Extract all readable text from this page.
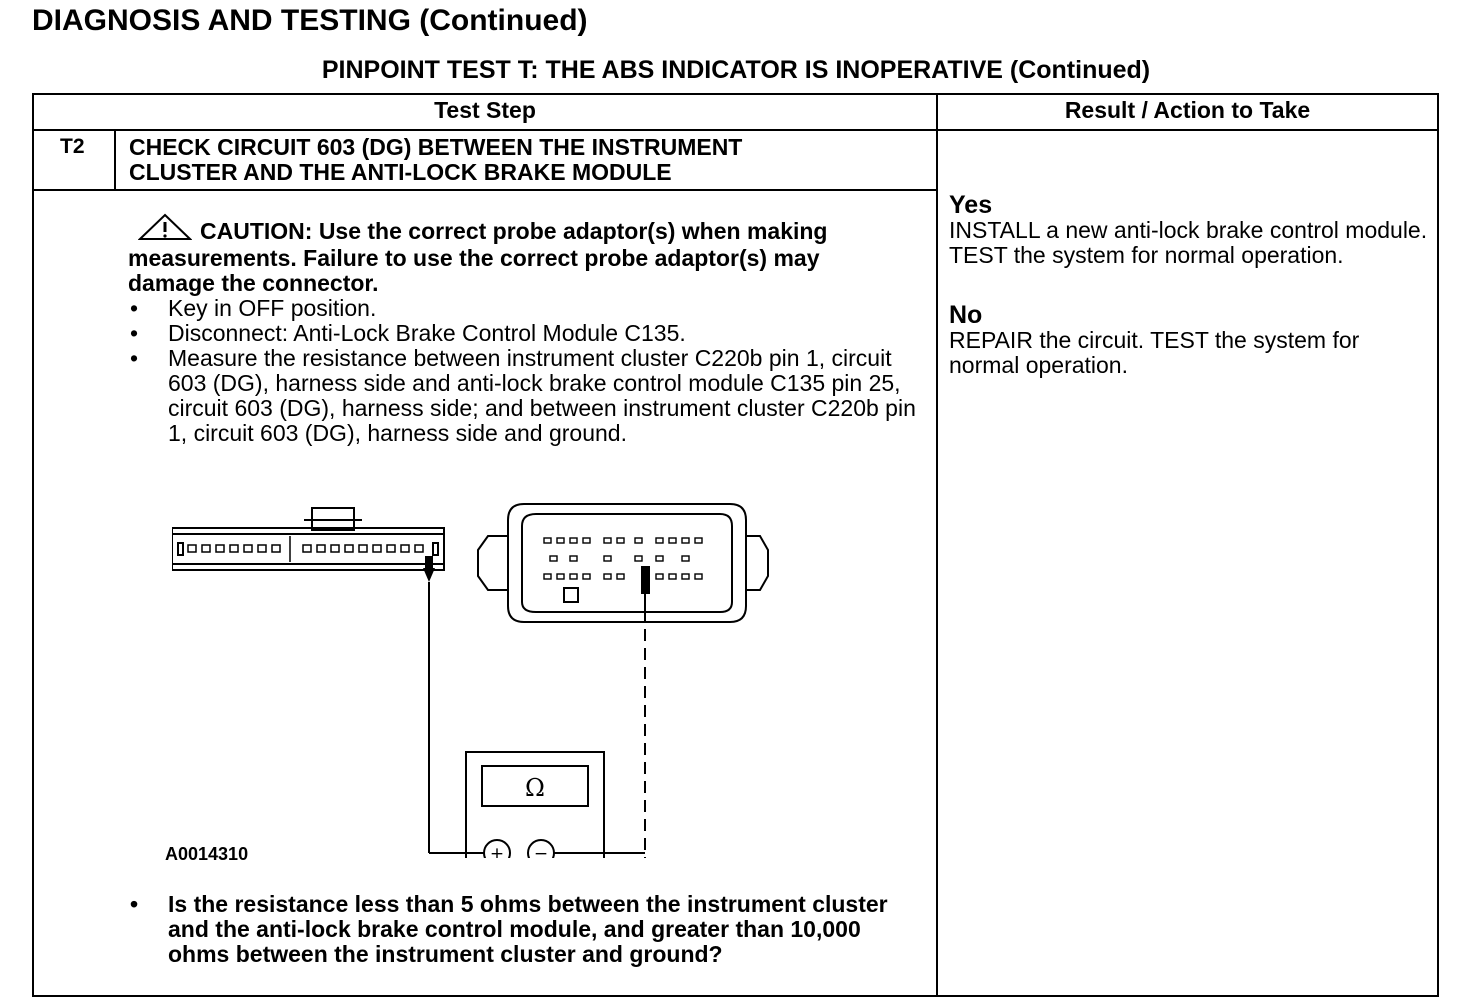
DIAGNOSIS AND TESTING (Continued)
PINPOINT TEST T: THE ABS INDICATOR IS INOPERATIVE (Continued)
Test Step	Result / Action to Take
T2 CHECK CIRCUIT 603 (DG) BETWEEN THE INSTRUMENT CLUSTER AND THE ANTI-LOCK BRAKE MODULE
CAUTION: Use the correct probe adaptor(s) when making measurements. Failure to use the correct probe adaptor(s) may damage the connector.
• Key in OFF position.
• Disconnect: Anti-Lock Brake Control Module C135.
• Measure the resistance between instrument cluster C220b pin 1, circuit 603 (DG), harness side and anti-lock brake control module C135 pin 25, circuit 603 (DG), harness side; and between instrument cluster C220b pin 1, circuit 603 (DG), harness side and ground.
Ω
+ −
A0014310
• Is the resistance less than 5 ohms between the instrument cluster and the anti-lock brake control module, and greater than 10,000 ohms between the instrument cluster and ground?
Yes
INSTALL a new anti-lock brake control module. TEST the system for normal operation.
No
REPAIR the circuit. TEST the system for normal operation.
